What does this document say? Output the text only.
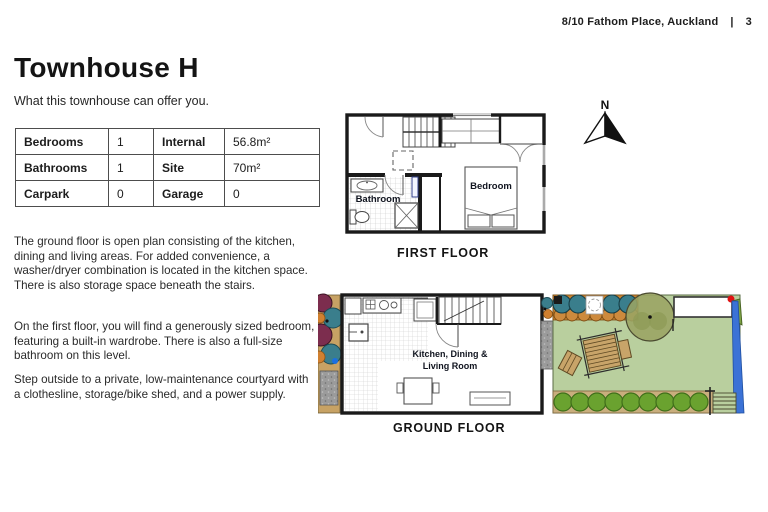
8/10 Fathom Place, Auckland | 3
Townhouse H
What this townhouse can offer you.
Bedrooms	1	Internal	56.8m²
Bathrooms	1	Site	70m²
Carpark	0	Garage	0
The ground floor is open plan consisting of the kitchen, dining and living areas. For added convenience, a washer/dryer combination is located in the kitchen space. There is also storage space beneath the stairs.
On the first floor, you will find a generously sized bedroom, featuring a built-in wardrobe. There is also a full-size bathroom on this level.
Step outside to a private, low-maintenance courtyard with a clothesline, storage/bike shed, and a power supply.
N
Bathroom
Bedroom
FIRST FLOOR
Kitchen, Dining &
Living Room
GROUND FLOOR
